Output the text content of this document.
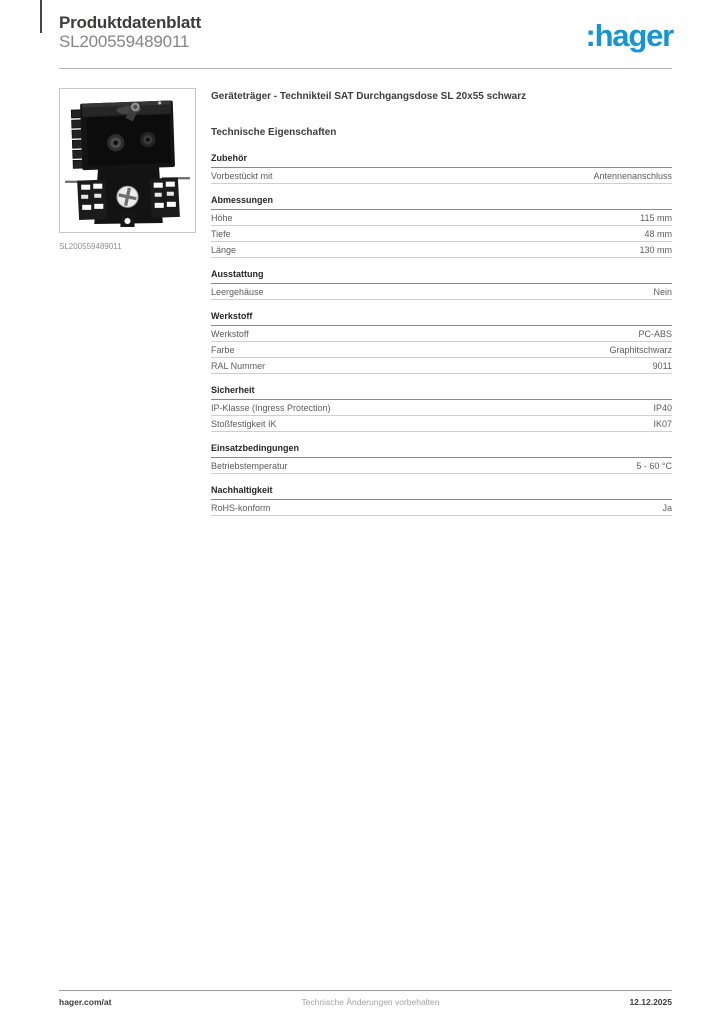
Produktdatenblatt
SL200559489011	:hager
SL200559489011
Geräteträger - Technikteil SAT Durchgangsdose SL 20x55 schwarz
Technische Eigenschaften
Zubehör
Vorbestückt mit	Antennenanschluss
Abmessungen
Höhe	115 mm
Tiefe	48 mm
Länge	130 mm
Ausstattung
Leergehäuse	Nein
Werkstoff
Werkstoff	PC-ABS
Farbe	Graphitschwarz
RAL Nummer	9011
Sicherheit
IP-Klasse (Ingress Protection)	IP40
Stoßfestigkeit IK	IK07
Einsatzbedingungen
Betriebstemperatur	5 - 60 °C
Nachhaltigkeit
RoHS-konform	Ja
hager.com/at	Technische Änderungen vorbehalten	12.12.2025
